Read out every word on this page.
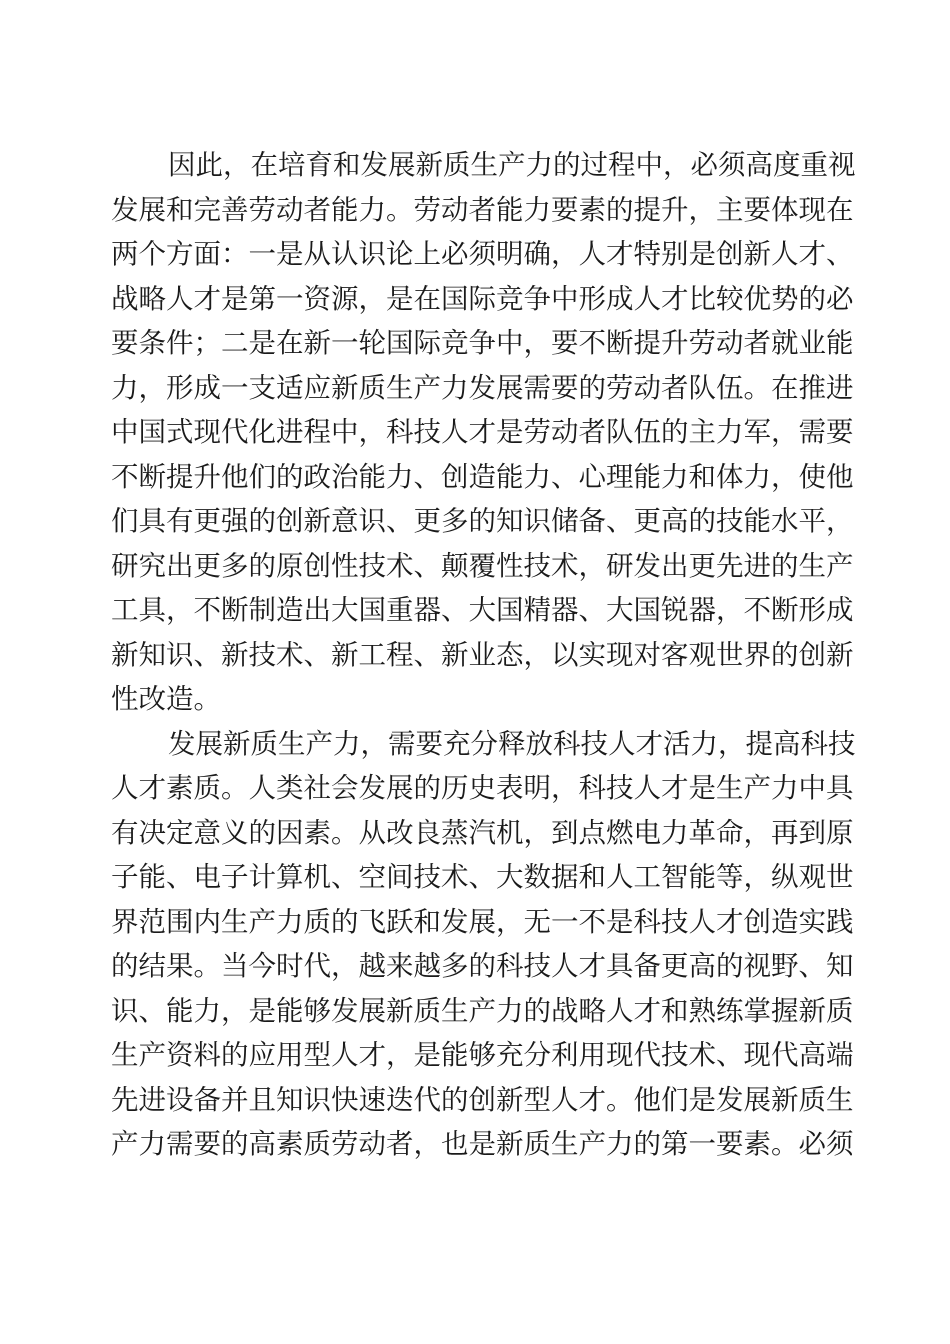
因此，在培育和发展新质生产力的过程中，必须高度重视
发展和完善劳动者能力。劳动者能力要素的提升，主要体现在
两个方面：一是从认识论上必须明确，人才特别是创新人才、
战略人才是第一资源，是在国际竞争中形成人才比较优势的必
要条件；二是在新一轮国际竞争中，要不断提升劳动者就业能
力，形成一支适应新质生产力发展需要的劳动者队伍。在推进
中国式现代化进程中，科技人才是劳动者队伍的主力军，需要
不断提升他们的政治能力、创造能力、心理能力和体力，使他
们具有更强的创新意识、更多的知识储备、更高的技能水平，
研究出更多的原创性技术、颠覆性技术，研发出更先进的生产
工具，不断制造出大国重器、大国精器、大国锐器，不断形成
新知识、新技术、新工程、新业态，以实现对客观世界的创新
性改造。
发展新质生产力，需要充分释放科技人才活力，提高科技
人才素质。人类社会发展的历史表明，科技人才是生产力中具
有决定意义的因素。从改良蒸汽机，到点燃电力革命，再到原
子能、电子计算机、空间技术、大数据和人工智能等，纵观世
界范围内生产力质的飞跃和发展，无一不是科技人才创造实践
的结果。当今时代，越来越多的科技人才具备更高的视野、知
识、能力，是能够发展新质生产力的战略人才和熟练掌握新质
生产资料的应用型人才，是能够充分利用现代技术、现代高端
先进设备并且知识快速迭代的创新型人才。他们是发展新质生
产力需要的高素质劳动者，也是新质生产力的第一要素。必须
